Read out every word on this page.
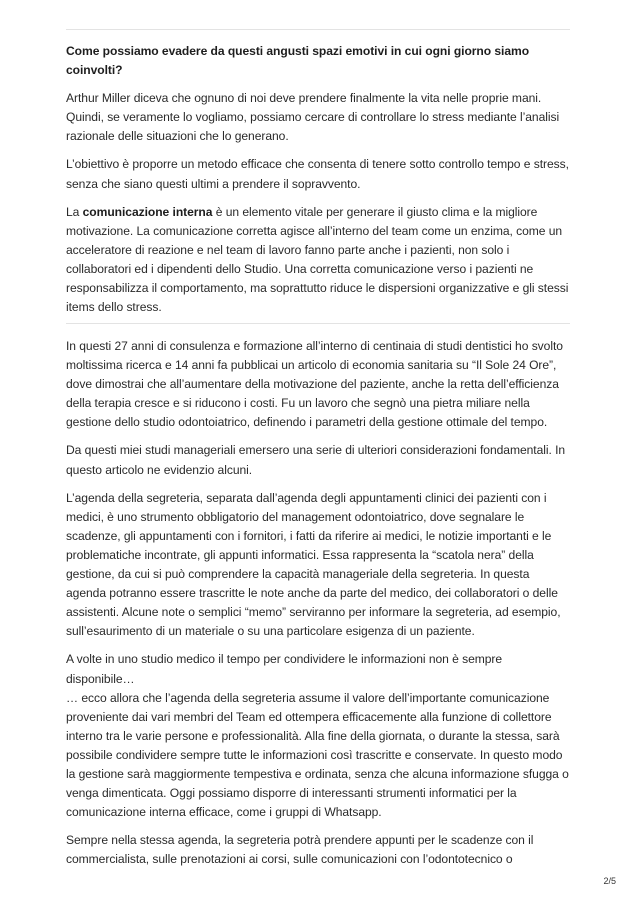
Come possiamo evadere da questi angusti spazi emotivi in cui ogni giorno siamo coinvolti?

Arthur Miller diceva che ognuno di noi deve prendere finalmente la vita nelle proprie mani. Quindi, se veramente lo vogliamo, possiamo cercare di controllare lo stress mediante l’analisi razionale delle situazioni che lo generano.

L’obiettivo è proporre un metodo efficace che consenta di tenere sotto controllo tempo e stress, senza che siano questi ultimi a prendere il sopravvento.

La comunicazione interna è un elemento vitale per generare il giusto clima e la migliore motivazione. La comunicazione corretta agisce all’interno del team come un enzima, come un acceleratore di reazione e nel team di lavoro fanno parte anche i pazienti, non solo i collaboratori ed i dipendenti dello Studio. Una corretta comunicazione verso i pazienti ne responsabilizza il comportamento, ma soprattutto riduce le dispersioni organizzative e gli stessi items dello stress.

In questi 27 anni di consulenza e formazione all’interno di centinaia di studi dentistici ho svolto moltissima ricerca e 14 anni fa pubblicai un articolo di economia sanitaria su “Il Sole 24 Ore”, dove dimostrai che all’aumentare della motivazione del paziente, anche la retta dell’efficienza della terapia cresce e si riducono i costi. Fu un lavoro che segnò una pietra miliare nella gestione dello studio odontoiatrico, definendo i parametri della gestione ottimale del tempo.

Da questi miei studi manageriali emersero una serie di ulteriori considerazioni fondamentali. In questo articolo ne evidenzio alcuni.

L’agenda della segreteria, separata dall’agenda degli appuntamenti clinici dei pazienti con i medici, è uno strumento obbligatorio del management odontoiatrico, dove segnalare le scadenze, gli appuntamenti con i fornitori, i fatti da riferire ai medici, le notizie importanti e le problematiche incontrate, gli appunti informatici. Essa rappresenta la “scatola nera” della gestione, da cui si può comprendere la capacità manageriale della segreteria. In questa agenda potranno essere trascritte le note anche da parte del medico, dei collaboratori o delle assistenti. Alcune note o semplici “memo” serviranno per informare la segreteria, ad esempio, sull’esaurimento di un materiale o su una particolare esigenza di un paziente.

A volte in uno studio medico il tempo per condividere le informazioni non è sempre disponibile…
… ecco allora che l’agenda della segreteria assume il valore dell’importante comunicazione proveniente dai vari membri del Team ed ottempera efficacemente alla funzione di collettore interno tra le varie persone e professionalità. Alla fine della giornata, o durante la stessa, sarà possibile condividere sempre tutte le informazioni così trascritte e conservate. In questo modo la gestione sarà maggiormente tempestiva e ordinata, senza che alcuna informazione sfugga o venga dimenticata. Oggi possiamo disporre di interessanti strumenti informatici per la comunicazione interna efficace, come i gruppi di Whatsapp.

Sempre nella stessa agenda, la segreteria potrà prendere appunti per le scadenze con il commercialista, sulle prenotazioni ai corsi, sulle comunicazioni con l’odontotecnico o

2/5
